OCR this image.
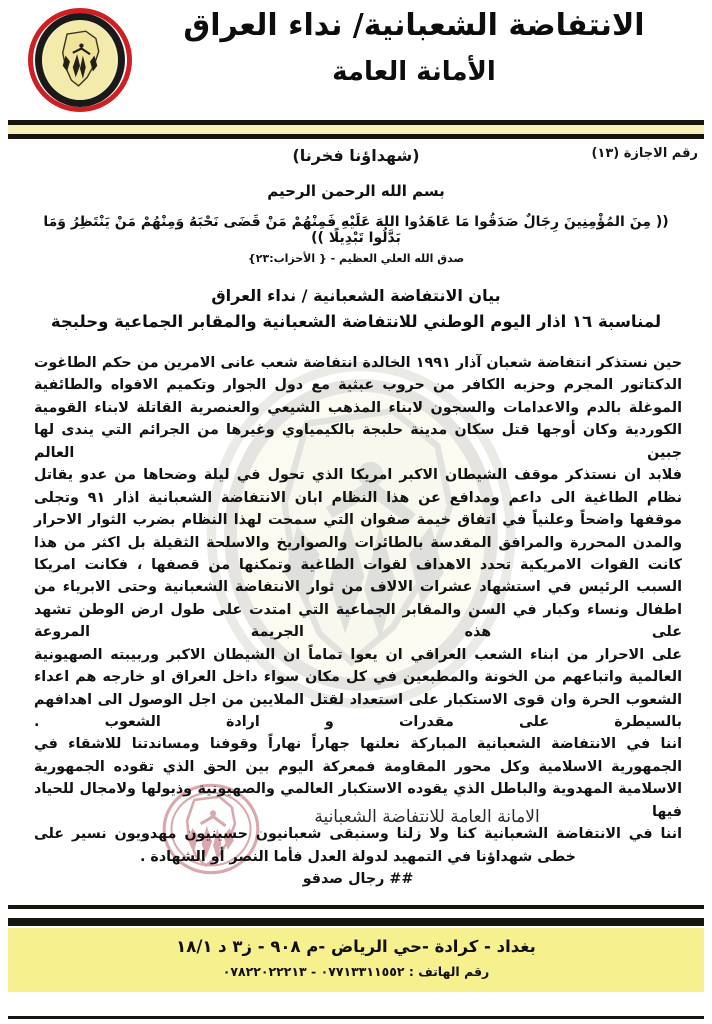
الانتفاضة الشعبانية/ نداء العراق
الأمانة العامة
رقم الاجازة (١٣)
(شهداؤنا فخرنا)
بسم الله الرحمن الرحيم
(( مِنَ المُؤْمِنِينَ رِجَالٌ صَدَقُوا مَا عَاهَدُوا اللهَ عَلَيْهِ فَمِنْهُمْ مَنْ قَضَى نَحْبَهُ وَمِنْهُمْ مَنْ يَنْتَظِرُ وَمَا بَدَّلُوا تَبْدِيلًا ))
صدق الله العلي العظيم - { الأحزاب:٢٣}
بيان الانتفاضة الشعبانية / نداء العراق
لمناسبة ١٦ اذار اليوم الوطني للانتفاضة الشعبانية والمقابر الجماعية وحلبجة

حين نستذكر انتفاضة شعبان آذار ١٩٩١ الخالدة انتفاضة شعب عانى الامرين من حكم الطاغوت الدكتاتور المجرم وحزبه الكافر من حروب عبثية مع دول الجوار وتكميم الافواه والطائفية الموغلة بالدم والاعدامات والسجون لابناء المذهب الشيعي والعنصرية القاتلة لابناء القومية الكوردية وكان أوجها قتل سكان مدينة حلبجة بالكيمياوي وغيرها من الجرائم التي يندى لها جبين العالم

فلابد ان نستذكر موقف الشيطان الاكبر امريكا الذي تحول في ليلة وضحاها من عدو يقاتل نظام الطاغية الى داعم ومدافع عن هذا النظام ابان الانتفاضة الشعبانية اذار ٩١ وتجلى موقفها واضحاً وعلنياً في اتفاق خيمة صفوان التي سمحت لهذا النظام بضرب الثوار الاحرار والمدن المحررة والمرافق المقدسة بالطائرات والصواريخ والاسلحة الثقيلة بل اكثر من هذا كانت القوات الامريكية تحدد الاهداف لقوات الطاغية وتمكنها من قصفها ، فكانت امريكا السبب الرئيس في استشهاد عشرات الالاف من ثوار الانتفاضة الشعبانية وحتى الابرياء من اطفال ونساء وكبار في السن والمقابر الجماعية التي امتدت على طول ارض الوطن تشهد على هذه الجريمة المروعة

على الاحرار من ابناء الشعب العراقي ان يعوا تماماً ان الشيطان الاكبر وربيبته الصهيونية العالمية واتباعهم من الخونة والمطبعين في كل مكان سواء داخل العراق او خارجه هم اعداء الشعوب الحرة وان قوى الاستكبار على استعداد لقتل الملايين من اجل الوصول الى اهدافهم بالسيطرة على مقدرات و ارادة الشعوب .

اننا في الانتفاضة الشعبانية المباركة نعلنها جهاراً نهاراً وقوفنا ومساندتنا للاشقاء في الجمهورية الاسلامية وكل محور المقاومة فمعركة اليوم بين الحق الذي تقوده الجمهورية الاسلامية المهدوية والباطل الذي يقوده الاستكبار العالمي والصهيونية وذيولها ولامجال للحياد فيها

اننا في الانتفاضة الشعبانية كنا ولا زلنا وسنبقى شعبانيون حسينيون مهدويون نسير على خطى شهداؤنا في التمهيد لدولة العدل فأما النصر أو الشهادة .

## رجال صدقو

الامانة العامة للانتفاضة الشعبانية
بغداد - كرادة -حي الرياض -م ٩٠٨ - ز٣ د ١٨/١
رقم الهاتف : ٠٧٧١٣٣١١٥٥٢ - ٠٧٨٢٢٠٢٢٢١٣
